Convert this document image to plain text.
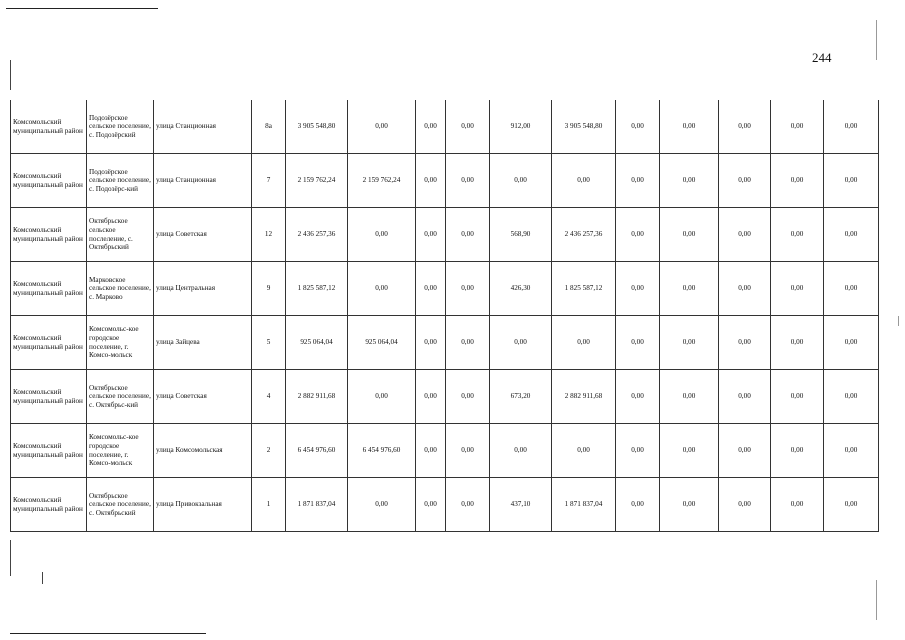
244
Комсомольский муниципальный район	Подозёрское сельское поселение, с. Подозёрский	улица Станционная	8а	3 905 548,80	0,00	0,00	0,00	912,00	3 905 548,80	0,00	0,00	0,00	0,00	0,00
Комсомольский муниципальный район	Подозёрское сельское поселение, с. Подозёрс-кий	улица Станционная	7	2 159 762,24	2 159 762,24	0,00	0,00	0,00	0,00	0,00	0,00	0,00	0,00	0,00
Комсомольский муниципальный район	Октябрьское сельское послелениe, с. Октябрьский	улица Советская	12	2 436 257,36	0,00	0,00	0,00	568,90	2 436 257,36	0,00	0,00	0,00	0,00	0,00
Комсомольский муниципальный район	Марковское сельское поселение, с. Марково	улица Центральная	9	1 825 587,12	0,00	0,00	0,00	426,30	1 825 587,12	0,00	0,00	0,00	0,00	0,00
Комсомольский муниципальный район	Комсомольс-кое городское поселение, г. Комсо-мольск	улица Зайцева	5	925 064,04	925 064,04	0,00	0,00	0,00	0,00	0,00	0,00	0,00	0,00	0,00
Комсомольский муниципальный район	Октябрьское сельское поселение, с. Октябрьс-кий	улица Советская	4	2 882 911,68	0,00	0,00	0,00	673,20	2 882 911,68	0,00	0,00	0,00	0,00	0,00
Комсомольский муниципальный район	Комсомольс-кое городское поселение, г. Комсо-мольск	улица Комсомольская	2	6 454 976,60	6 454 976,60	0,00	0,00	0,00	0,00	0,00	0,00	0,00	0,00	0,00
Комсомольский муниципальный район	Октябрьское сельское поселение, с. Октябрьский	улица Привокзальная	1	1 871 837,04	0,00	0,00	0,00	437,10	1 871 837,04	0,00	0,00	0,00	0,00	0,00
